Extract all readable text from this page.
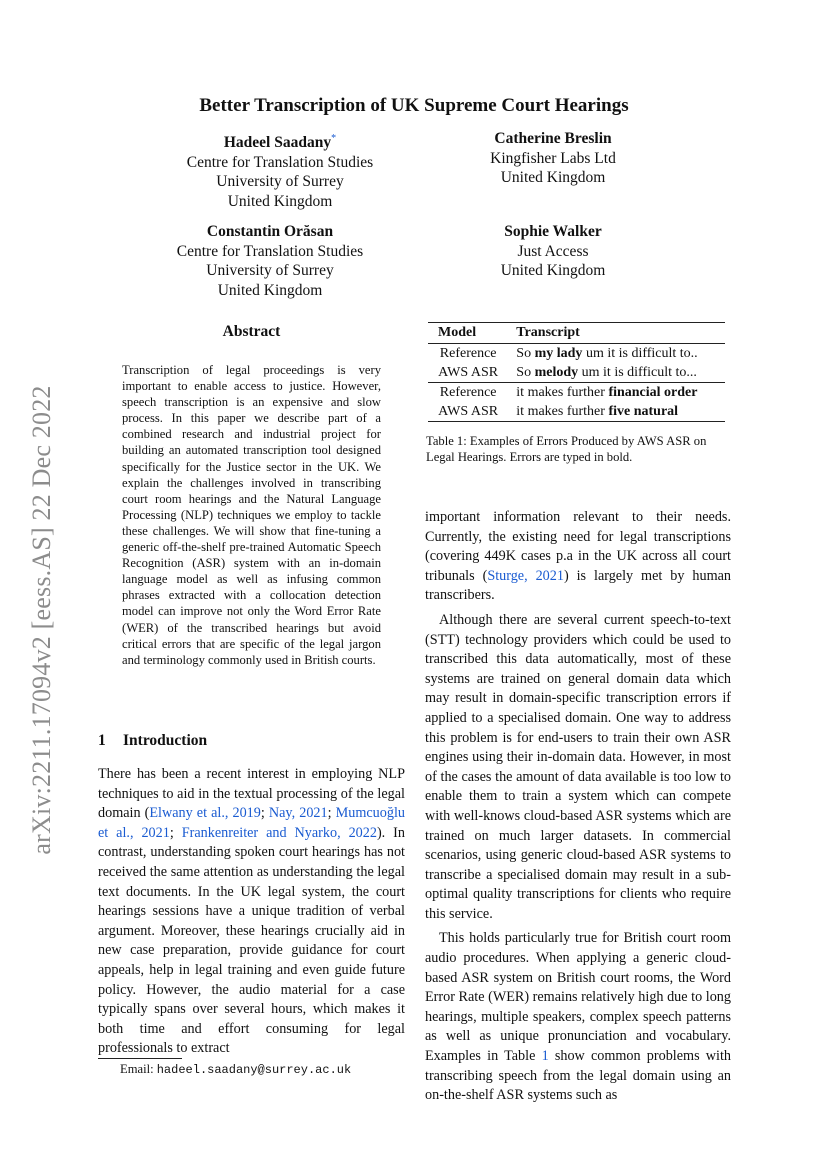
arXiv:2211.17094v2 [eess.AS] 22 Dec 2022
Better Transcription of UK Supreme Court Hearings
Hadeel Saadany*
Centre for Translation Studies
University of Surrey
United Kingdom
Catherine Breslin
Kingfisher Labs Ltd
United Kingdom
Constantin Orăsan
Centre for Translation Studies
University of Surrey
United Kingdom
Sophie Walker
Just Access
United Kingdom
Abstract
Transcription of legal proceedings is very important to enable access to justice. However, speech transcription is an expensive and slow process. In this paper we describe part of a combined research and industrial project for building an automated transcription tool designed specifically for the Justice sector in the UK. We explain the challenges involved in transcribing court room hearings and the Natural Language Processing (NLP) techniques we employ to tackle these challenges. We will show that fine-tuning a generic off-the-shelf pre-trained Automatic Speech Recognition (ASR) system with an in-domain language model as well as infusing common phrases extracted with a collocation detection model can improve not only the Word Error Rate (WER) of the transcribed hearings but avoid critical errors that are specific of the legal jargon and terminology commonly used in British courts.
1 Introduction

There has been a recent interest in employing NLP techniques to aid in the textual processing of the legal domain (Elwany et al., 2019; Nay, 2021; Mumcuoğlu et al., 2021; Frankenreiter and Nyarko, 2022). In contrast, understanding spoken court hearings has not received the same attention as understanding the legal text documents. In the UK legal system, the court hearings sessions have a unique tradition of verbal argument. Moreover, these hearings crucially aid in new case preparation, provide guidance for court appeals, help in legal training and even guide future policy. However, the audio material for a case typically spans over several hours, which makes it both time and effort consuming for legal professionals to extract

Model	Transcript
Reference	So my lady um it is difficult to..
AWS ASR	So melody um it is difficult to...
Reference	it makes further financial order
AWS ASR	it makes further five natural
Table 1: Examples of Errors Produced by AWS ASR on Legal Hearings. Errors are typed in bold.

important information relevant to their needs. Currently, the existing need for legal transcriptions (covering 449K cases p.a in the UK across all court tribunals (Sturge, 2021) is largely met by human transcribers.

Although there are several current speech-to-text (STT) technology providers which could be used to transcribed this data automatically, most of these systems are trained on general domain data which may result in domain-specific transcription errors if applied to a specialised domain. One way to address this problem is for end-users to train their own ASR engines using their in-domain data. However, in most of the cases the amount of data available is too low to enable them to train a system which can compete with well-knows cloud-based ASR systems which are trained on much larger datasets. In commercial scenarios, using generic cloud-based ASR systems to transcribe a specialised domain may result in a sub-optimal quality transcriptions for clients who require this service.

This holds particularly true for British court room audio procedures. When applying a generic cloud-based ASR system on British court rooms, the Word Error Rate (WER) remains relatively high due to long hearings, multiple speakers, complex speech patterns as well as unique pronunciation and vocabulary. Examples in Table 1 show common problems with transcribing speech from the legal domain using an on-the-shelf ASR systems such as

Email: hadeel.saadany@surrey.ac.uk
